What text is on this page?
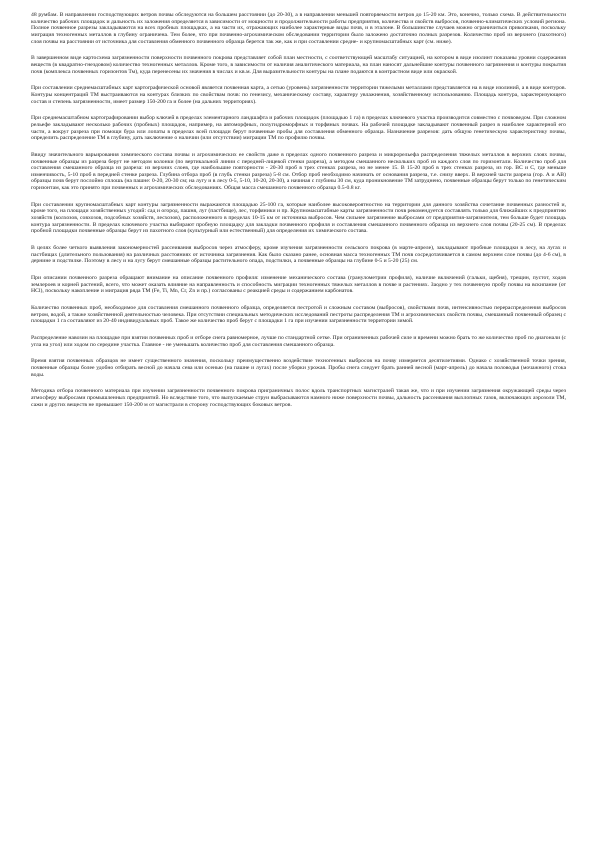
48 румбам. В направлении господствующих ветров почвы обследуются на большем расстоянии (до 20-30), а в направлении меньшей повторяемости ветров до 15-20 км. Это, конечно, только схема. В действительности количество рабочих площадок и дальность их заложения определяется в зависимости от мощности и продолжительности работы предприятия, количества и свойств выбросов, почвенно-климатических условий региона. Полное почвенное разрезы закладываются на всех пробных площадках, а на части их, отражающих наиболее характерные виды почв, и в эталоне. В большинстве случаев можно ограничиться прикопками, поскольку миграция техногенных металлов в глубину ограничена. Тем более, что при почвенно-агрохимическом обследовании территории было заложено достаточно полных разрезов. Количество проб из верхнего (пахотного) слоя почвы на расстоянии от источника для составления обменного почвенного образца берется так же, как и при составлении средне- и крупномасштабных карт (см. ниже).

В завершенном виде картосхема загрязненности поверхности почвенного покрова представляет собой план местности, с соответствующей масштабу ситуацией, на котором в виде изолинт показаны уровни содержания веществ (в квадратно-гнездовом) количество техногенных металлов. Кроме того, в зависимости от наличия аналитического материала, на план наносят дальнейшие контуры почвенного загрязнения и контуры покрытия почв (комплекса почвенных горизонтов Тм), куда перенесены их значения в числах и кв.м. Для выразительности контуры на плане подаются в контрастном виде или окраской.

При составлении среднемасштабных карт картографической основой является почвенная карта, а сетью (уровень) загрязненности территории тяжелыми металлами представляется на в виде изолиний, а в виде контуров. Контуры концентраций ТМ выстраиваются на контурах близких по свойствам почв: по генезису, механическому составу, характеру увлажнения, хозяйственному использованию. Площадь контура, характеризующего состав и степень загрязненности, имеет размер 150-200 га и более (на дальних территориях).

При среднемасштабном картографировании выбор ключей в пределах элементарного ландшафта и рабочих площадок (площадью 1 га) в пределах ключевого участка производится совместно с почвоведом. При сложном рельефе закладывают несколько рабочих (пробных) площадок, например, на автоморфных, полугидроморфных и торфяных почвах. На рабочей площадке закладывают почвенный разрез в наиболее характерной его части, а вокруг разреза при помощи бура или лопаты в пределах всей площади берут почвенные пробы для составления обменного образца. Назначение разрезов: дать общую генетическую характеристику почвы, определить распределение ТМ в глубину, дать заключение о наличии (или отсутствии) миграции ТМ по профилю почвы.

Ввиду значительного варьирования химического состава почвы и агрохимических ее свойств даже в пределах одного почвенного разреза и микрорельефа распределения тяжелых металлов в верхних слоях почвы, почвенные образцы из разреза берут не методом колонки (по вертикальной линии с передней-лицевой стенки разреза), а методом смешанного нескольких проб из каждого слоя по горизонтали. Количество проб для составления смешанного образца из разреза: из верхних слоев, где наибольшие повторности - 20-30 проб в трех стенках разреза, но не менее 15. В 15-20 проб в трех стенках разреза, из гор. ВС и С, где меньше изменчивость, 5-10 проб в передней стенке разреза. Глубина отбора проб (в глубь стенки разреза) 5-8 см. Отбор проб необходимо начинать от основания разреза, т.е. снизу вверх. В верхней части разреза (гор. А и АВ) образцы почв берут послойно сплошь (на пашне: 0-20, 20-30 см; на лугу и в лесу 0-5, 5-10, 10-20, 20-30), а начиная с глубины 30 см, куда проникновение ТМ затруднено, почвенные образцы берут только по генетическим горизонтам, как это принято при почвенных и агрохимических обследованиях. Общая масса смешанного почвенного образца 0.5-0.8 кг.

При составлении крупномасштабных карт контуры загрязненности выражаются площадью 25-100 га, которые наиболее высоковероятностно на территории для данного хозяйства сочетание почвенных разностей и, кроме того, на площади хозяйственных угодий: сад и огород, пашня, луг (пастбище), лес, торфяники и пр. Крупномасштабные карты загрязненности почв рекомендуется составлять только для ближайших к предприятию хозяйств (колхозов, совхозов, подсобных хозяйств, лесхозов), расположенного в пределах 10-15 км от источника выбросов. Чем сильнее загрязнение выбросами от предприятия-загрязнителя, тем больше будет площадь контура загрязненности. В пределах ключевого участка выбирают пробную площадку для закладки почвенного профиля и составления смешанного почвенного образца из верхнего слоя почвы (20-25 см). В пределах пробной площадки почвенные образцы берут из пахотного слоя (культурный или естественный) для определения их химического состава.

В целях более четкого выявления закономерностей рассеивания выбросов через атмосферу, кроме изучения загрязненности сельского покрова (в марте-апреле), закладывают пробные площадки в лесу, на лугах и пастбищах (длительного пользования) на различных расстояниях от источника загрязнения. Как было сказано ранее, основная масса техногенных ТМ почв сосредотачивается в самом верхнем слое почвы (до 4-6 см), в дернине и подстилке. Поэтому в лесу и на лугу берут смешанные образцы растительного опада, подстилки, а почвенные образцы на глубине 0-5 и 5-20 (25) см.

При описании почвенного разреза обращают внимание на описание почвенного профиля: изменение механического состава (гранулометрии профиля), наличие включений (гальки, щебня), трещин, пустот, ходов землероев и корней растений, всего, что может оказать влияние на направленность и способность миграции техногенных тяжелых металлов в почве и растениях. Заодно у тех почвенную пробу почвы на вскипание (от HCl), поскольку накопление и миграция ряда ТМ (Fe, Ti, Mn, Cr, Zn и пр.) согласованы с реакцией среды и содержанием карбонатов.

Количество почвенных проб, необходимое для составления смешанного почвенного образца, определяется пестротой и сложным составом (выбросов), свойствами почв, интенсивностью перераспределения выбросов ветром, водой, а также хозяйственной деятельностью человека. При отсутствии специальных методических исследований пестроты распределения ТМ и агрохимических свойств почвы, смешанный почвенный образец с площадки 1 га составляют из 20-40 индивидуальных проб. Такое же количество проб берут с площадки 1 га при изучении загрязненности территории зимой.

Распределение навозин на площадке при взятии почвенных проб и отборе снега равномерное, лучше по стандартной сетке. При ограниченных рабочей силе и времени можно брать то же количество проб по диагонали (с угла на угол) или ходом по середине участка. Главное - не уменьшать количество проб для составления смешанного образца.

Время взятия почвенных образцов не имеет существенного значения, поскольку преимущественно воздействие техногенных выбросов на почву измеряется десятилетиями. Однако с хозяйственной точки зрения, почвенные образцы более удобно отбирать весной до начала сева или осенью (на пашне и лугах) после уборки урожая. Пробы снега следует брать ранней весной (март-апрель) до начала половодья (мочажного) стока воды.

Методика отбора почвенного материала при изучении загрязненности почвенного покрова приграничных полос вдоль транспортных магистралей такая же, что и при изучении загрязнения окружающей среды через атмосферу выбросами промышленных предприятий. Но вследствие того, что выпускаемые струи выбрасываются намного ниже поверхности почвы, дальность рассеивания выхлопных газов, включающих аэрозоли ТМ, сажи и других веществ не превышает 150-200 м от магистрали в сторону господствующих боковых ветров.
